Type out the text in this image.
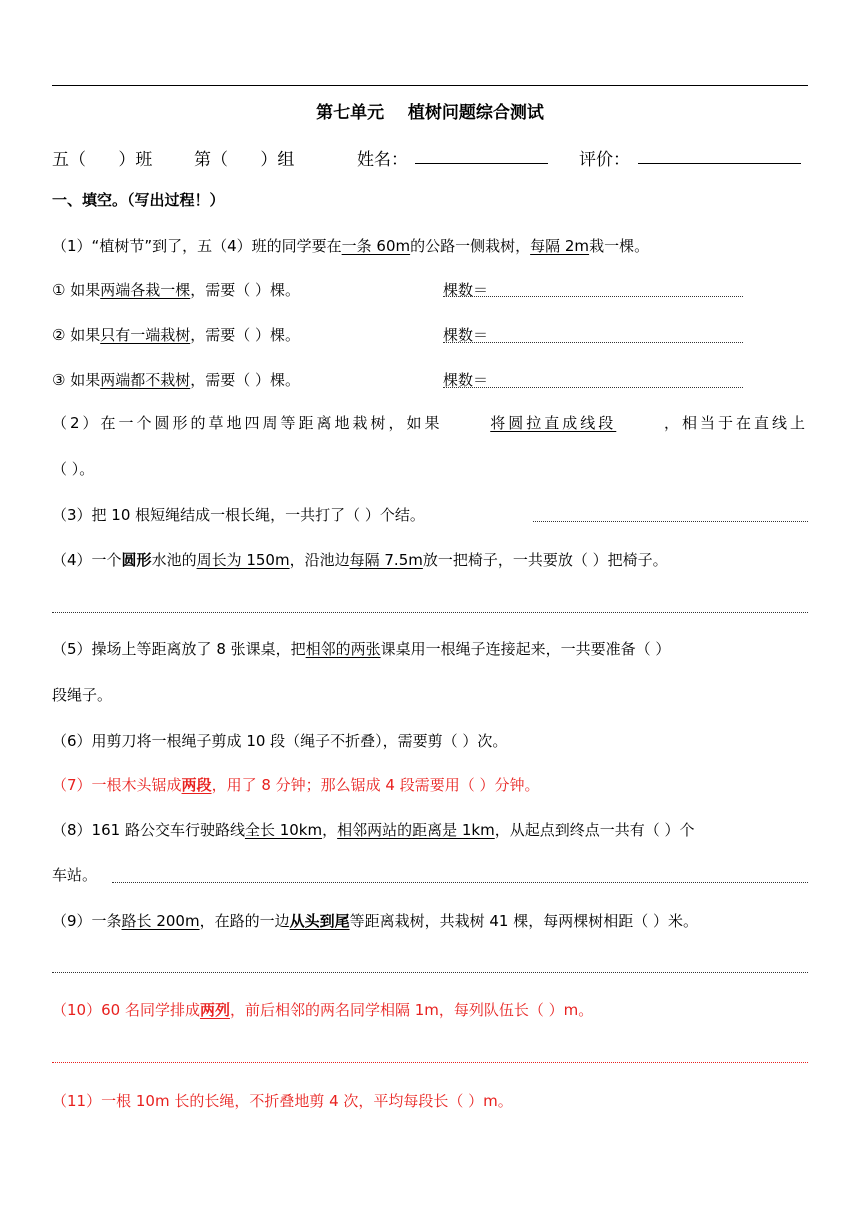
第七单元    植树问题综合测试
五（      ）班 第（      ）组	姓名：	评价：
一、填空。（写出过程！）
（1）“植树节”到了，五（4）班的同学要在一条 60m的公路一侧栽树，每隔 2m栽一棵。
① 如果两端各栽一棵，需要（ ）棵。	棵数＝
② 如果只有一端栽树，需要（ ）棵。	棵数＝
③ 如果两端都不栽树，需要（ ）棵。	棵数＝
（2）在一个圆形的草地四周等距离地栽树，如果	将圆拉直成线段	，相当于在直线上
（ ）。
（3）把 10 根短绳结成一根长绳，一共打了（ ）个结。
（4）一个圆形水池的周长为 150m，沿池边每隔 7.5m放一把椅子，一共要放（ ）把椅子。
（5）操场上等距离放了 8 张课桌，把相邻的两张课桌用一根绳子连接起来，一共要准备（ ）
段绳子。
（6）用剪刀将一根绳子剪成 10 段（绳子不折叠），需要剪（ ）次。
（7）一根木头锯成两段，用了 8 分钟；那么锯成 4 段需要用（ ）分钟。
（8）161 路公交车行驶路线全长 10km，相邻两站的距离是 1km，从起点到终点一共有（ ）个
车站。
（9）一条路长 200m，在路的一边从头到尾等距离栽树，共栽树 41 棵，每两棵树相距（ ）米。
（10）60 名同学排成两列，前后相邻的两名同学相隔 1m，每列队伍长（ ）m。
（11）一根 10m 长的长绳，不折叠地剪 4 次，平均每段长（ ）m。
